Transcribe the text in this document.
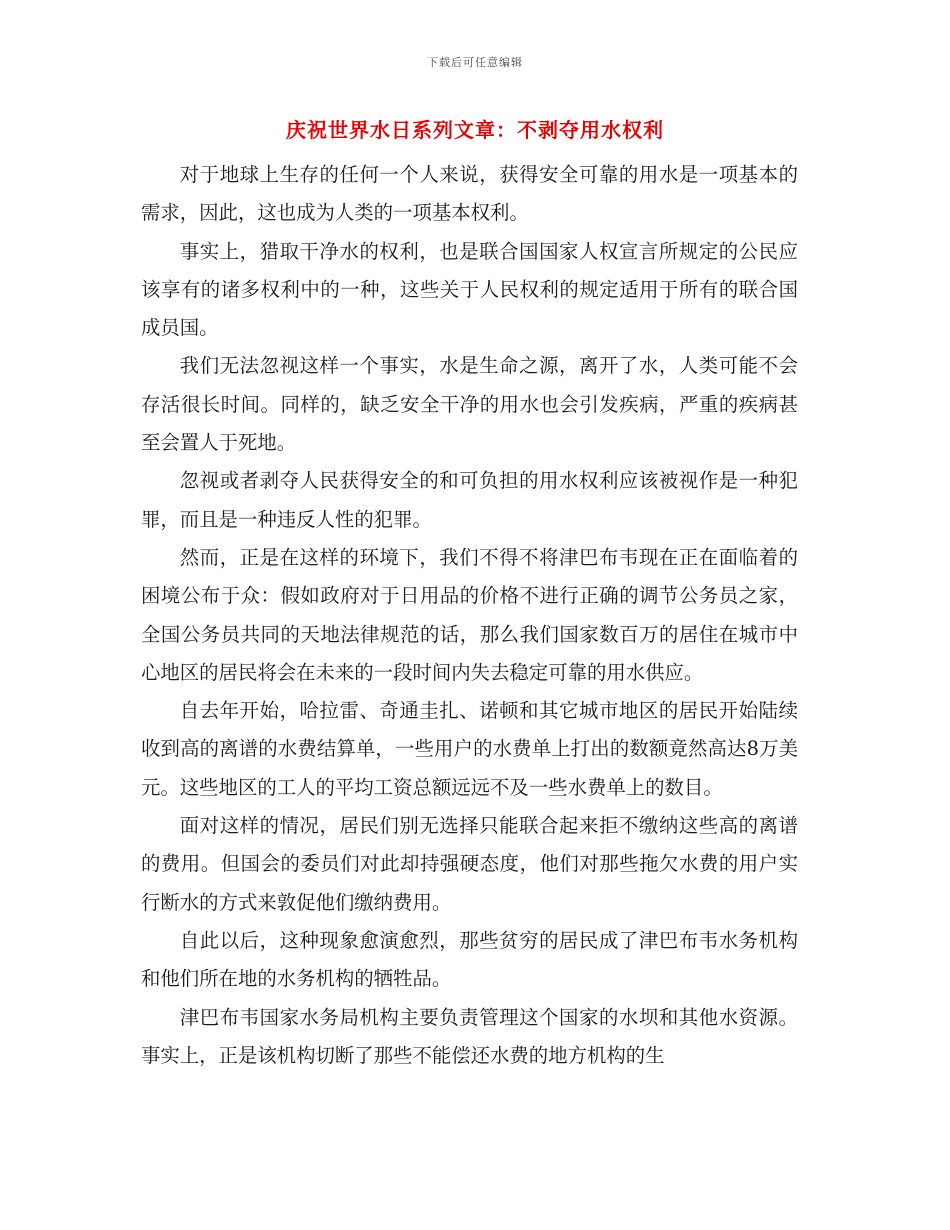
下载后可任意编辑
庆祝世界水日系列文章：不剥夺用水权利

对于地球上生存的任何一个人来说，获得安全可靠的用水是一项基本的需求，因此，这也成为人类的一项基本权利。

事实上，猎取干净水的权利，也是联合国国家人权宣言所规定的公民应该享有的诸多权利中的一种，这些关于人民权利的规定适用于所有的联合国成员国。

我们无法忽视这样一个事实，水是生命之源，离开了水，人类可能不会存活很长时间。同样的，缺乏安全干净的用水也会引发疾病，严重的疾病甚至会置人于死地。

忽视或者剥夺人民获得安全的和可负担的用水权利应该被视作是一种犯罪，而且是一种违反人性的犯罪。

然而，正是在这样的环境下，我们不得不将津巴布韦现在正在面临着的困境公布于众：假如政府对于日用品的价格不进行正确的调节公务员之家，全国公务员共同的天地法律规范的话，那么我们国家数百万的居住在城市中心地区的居民将会在未来的一段时间内失去稳定可靠的用水供应。

自去年开始，哈拉雷、奇通圭扎、诺顿和其它城市地区的居民开始陆续收到高的离谱的水费结算单，一些用户的水费单上打出的数额竟然高达8万美元。这些地区的工人的平均工资总额远远不及一些水费单上的数目。

面对这样的情况，居民们别无选择只能联合起来拒不缴纳这些高的离谱的费用。但国会的委员们对此却持强硬态度，他们对那些拖欠水费的用户实行断水的方式来敦促他们缴纳费用。

自此以后，这种现象愈演愈烈，那些贫穷的居民成了津巴布韦水务机构和他们所在地的水务机构的牺牲品。

津巴布韦国家水务局机构主要负责管理这个国家的水坝和其他水资源。事实上，正是该机构切断了那些不能偿还水费的地方机构的生
